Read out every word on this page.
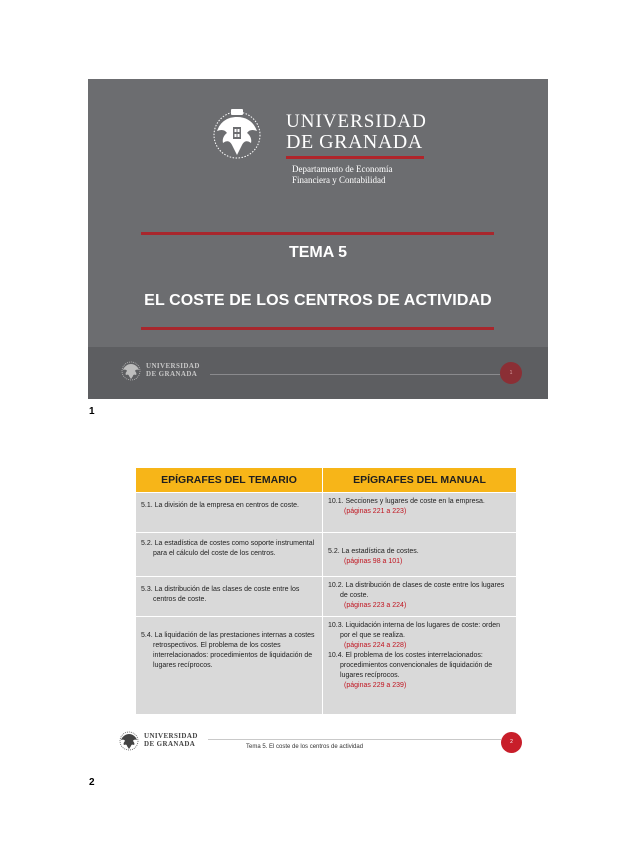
UNIVERSIDAD
DE GRANADA
Departamento de Economía
Financiera y Contabilidad
TEMA 5
EL COSTE DE LOS CENTROS DE ACTIVIDAD
UNIVERSIDAD
DE GRANADA	1
1
EPÍGRAFES DEL TEMARIO	EPÍGRAFES DEL MANUAL

5.1. La división de la empresa en centros de coste.	10.1. Secciones y lugares de coste en la empresa.
(páginas 221 a 223)

5.2. La estadística de costes como soporte instrumental para el cálculo del coste de los centros.	5.2. La estadística de costes.
(páginas 98 a 101)

5.3. La distribución de las clases de coste entre los centros de coste.	10.2. La distribución de clases de coste entre los lugares de coste.
(páginas 223 a 224)

5.4. La liquidación de las prestaciones internas a costes retrospectivos. El problema de los costes interrelacionados: procedimientos de liquidación de lugares recíprocos.	10.3. Liquidación interna de los lugares de coste: orden por el que se realiza.
(páginas 224 a 228)
10.4. El problema de los costes interrelacionados: procedimientos convencionales de liquidación de lugares recíprocos.
(páginas 229 a 239)
UNIVERSIDAD
DE GRANADA	2
Tema 5. El coste de los centros de actividad
2
